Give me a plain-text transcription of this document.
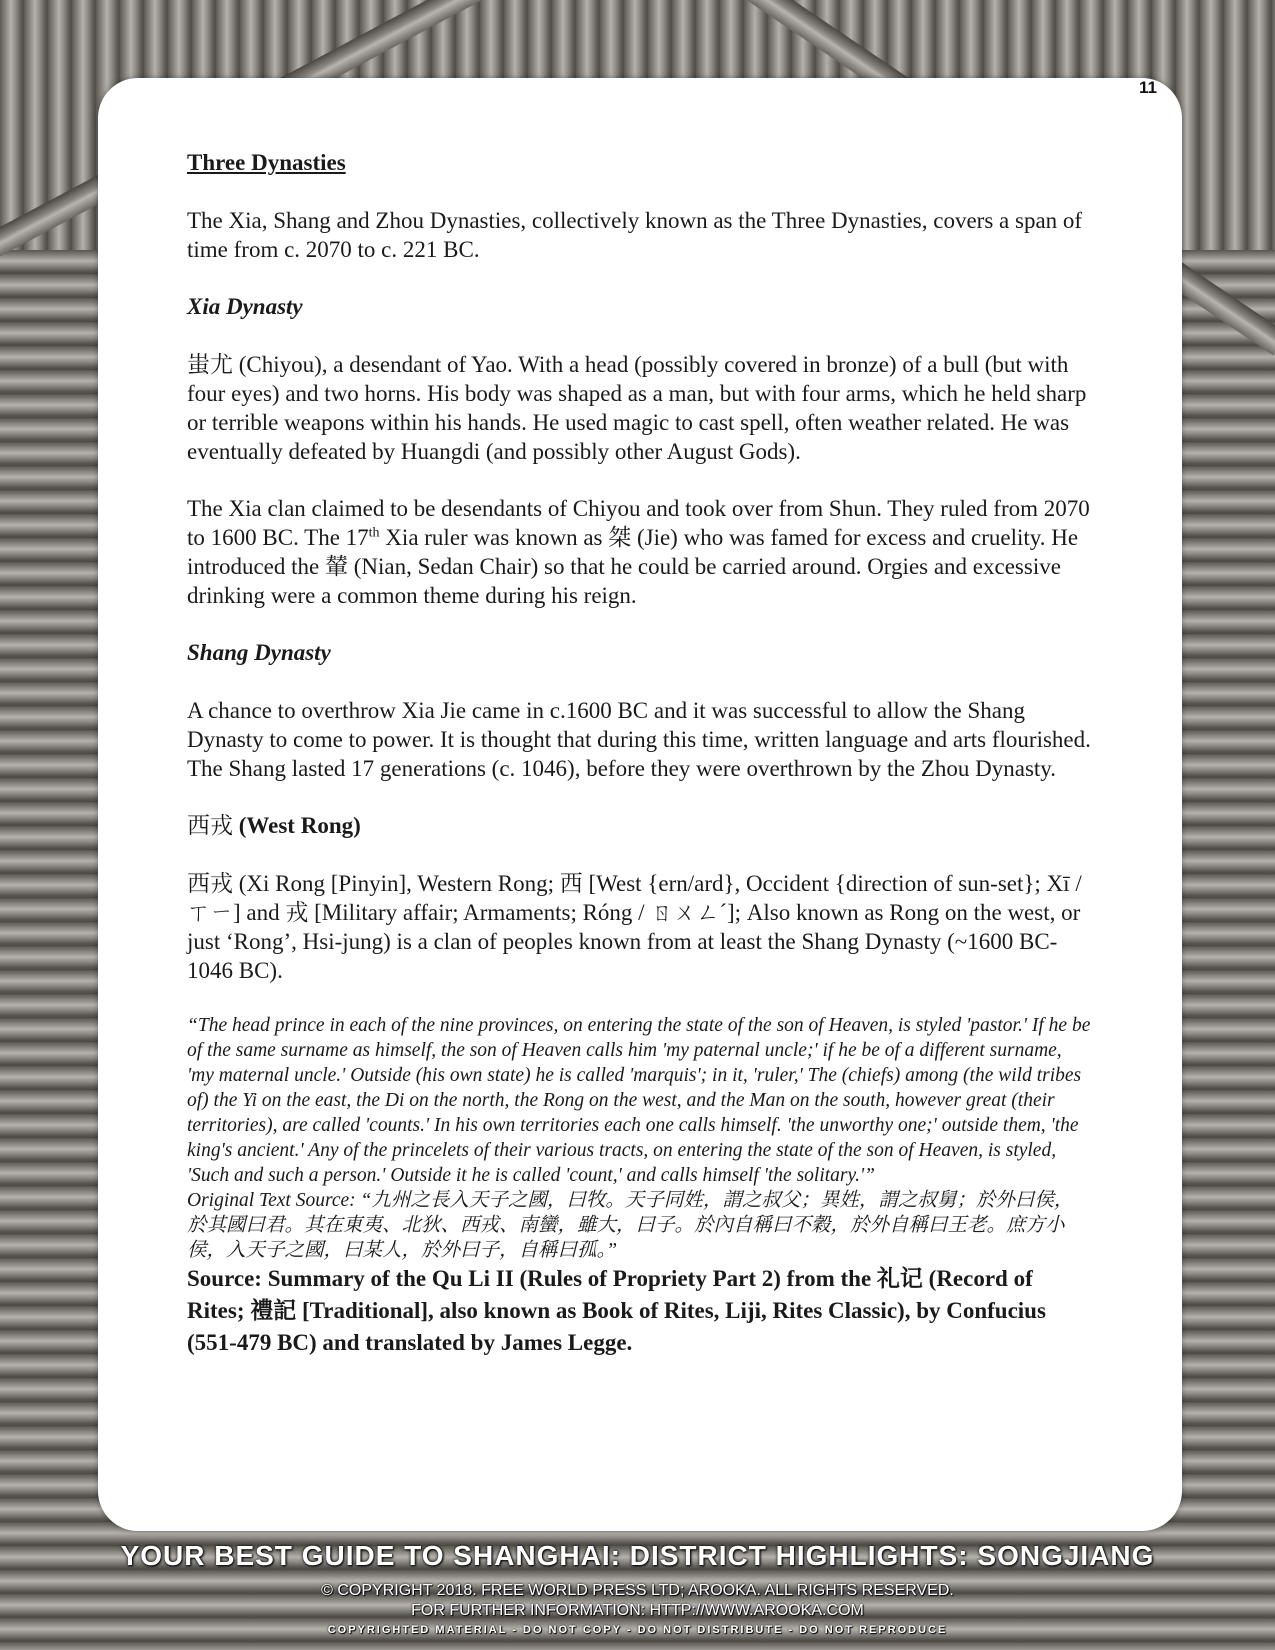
11

Three Dynasties

The Xia, Shang and Zhou Dynasties, collectively known as the Three Dynasties, covers a span of time from c. 2070 to c. 221 BC.

Xia Dynasty

蚩尤 (Chiyou), a desendant of Yao. With a head (possibly covered in bronze) of a bull (but with four eyes) and two horns. His body was shaped as a man, but with four arms, which he held sharp or terrible weapons within his hands. He used magic to cast spell, often weather related. He was eventually defeated by Huangdi (and possibly other August Gods).

The Xia clan claimed to be desendants of Chiyou and took over from Shun. They ruled from 2070 to 1600 BC. The 17th Xia ruler was known as 桀 (Jie) who was famed for excess and cruelity. He introduced the 輦 (Nian, Sedan Chair) so that he could be carried around. Orgies and excessive drinking were a common theme during his reign.

Shang Dynasty

A chance to overthrow Xia Jie came in c.1600 BC and it was successful to allow the Shang Dynasty to come to power. It is thought that during this time, written language and arts flourished. The Shang lasted 17 generations (c. 1046), before they were overthrown by the Zhou Dynasty.

西戎 (West Rong)

西戎 (Xi Rong [Pinyin], Western Rong; 西 [West {ern/ard}, Occident {direction of sun-set}; Xī / ㄒㄧ] and 戎 [Military affair; Armaments; Róng / ㄖㄨㄥˊ]; Also known as Rong on the west, or just ‘Rong’, Hsi-jung) is a clan of peoples known from at least the Shang Dynasty (~1600 BC-1046 BC).

“The head prince in each of the nine provinces, on entering the state of the son of Heaven, is styled 'pastor.' If he be of the same surname as himself, the son of Heaven calls him 'my paternal uncle;' if he be of a different surname, 'my maternal uncle.' Outside (his own state) he is called 'marquis'; in it, 'ruler,' The (chiefs) among (the wild tribes of) the Yi on the east, the Di on the north, the Rong on the west, and the Man on the south, however great (their territories), are called 'counts.' In his own territories each one calls himself. 'the unworthy one;' outside them, 'the king's ancient.' Any of the princelets of their various tracts, on entering the state of the son of Heaven, is styled, 'Such and such a person.' Outside it he is called 'count,' and calls himself 'the solitary.'”

Original Text Source: “九州之長入天子之國，曰牧。天子同姓，謂之叔父；異姓，謂之叔舅；於外曰侯，於其國曰君。其在東夷、北狄、西戎、南蠻，雖大，曰子。於內自稱曰不穀，於外自稱曰王老。庶方小侯，入天子之國，曰某人，於外曰子，自稱曰孤。”

Source: Summary of the Qu Li II (Rules of Propriety Part 2) from the 礼记 (Record of Rites; 禮記 [Traditional], also known as Book of Rites, Liji, Rites Classic), by Confucius (551-479 BC) and translated by James Legge.

YOUR BEST GUIDE TO SHANGHAI: DISTRICT HIGHLIGHTS: SONGJIANG
© COPYRIGHT 2018. FREE WORLD PRESS LTD; AROOKA. ALL RIGHTS RESERVED.
FOR FURTHER INFORMATION: HTTP://WWW.AROOKA.COM
COPYRIGHTED MATERIAL - DO NOT COPY - DO NOT DISTRIBUTE - DO NOT REPRODUCE
